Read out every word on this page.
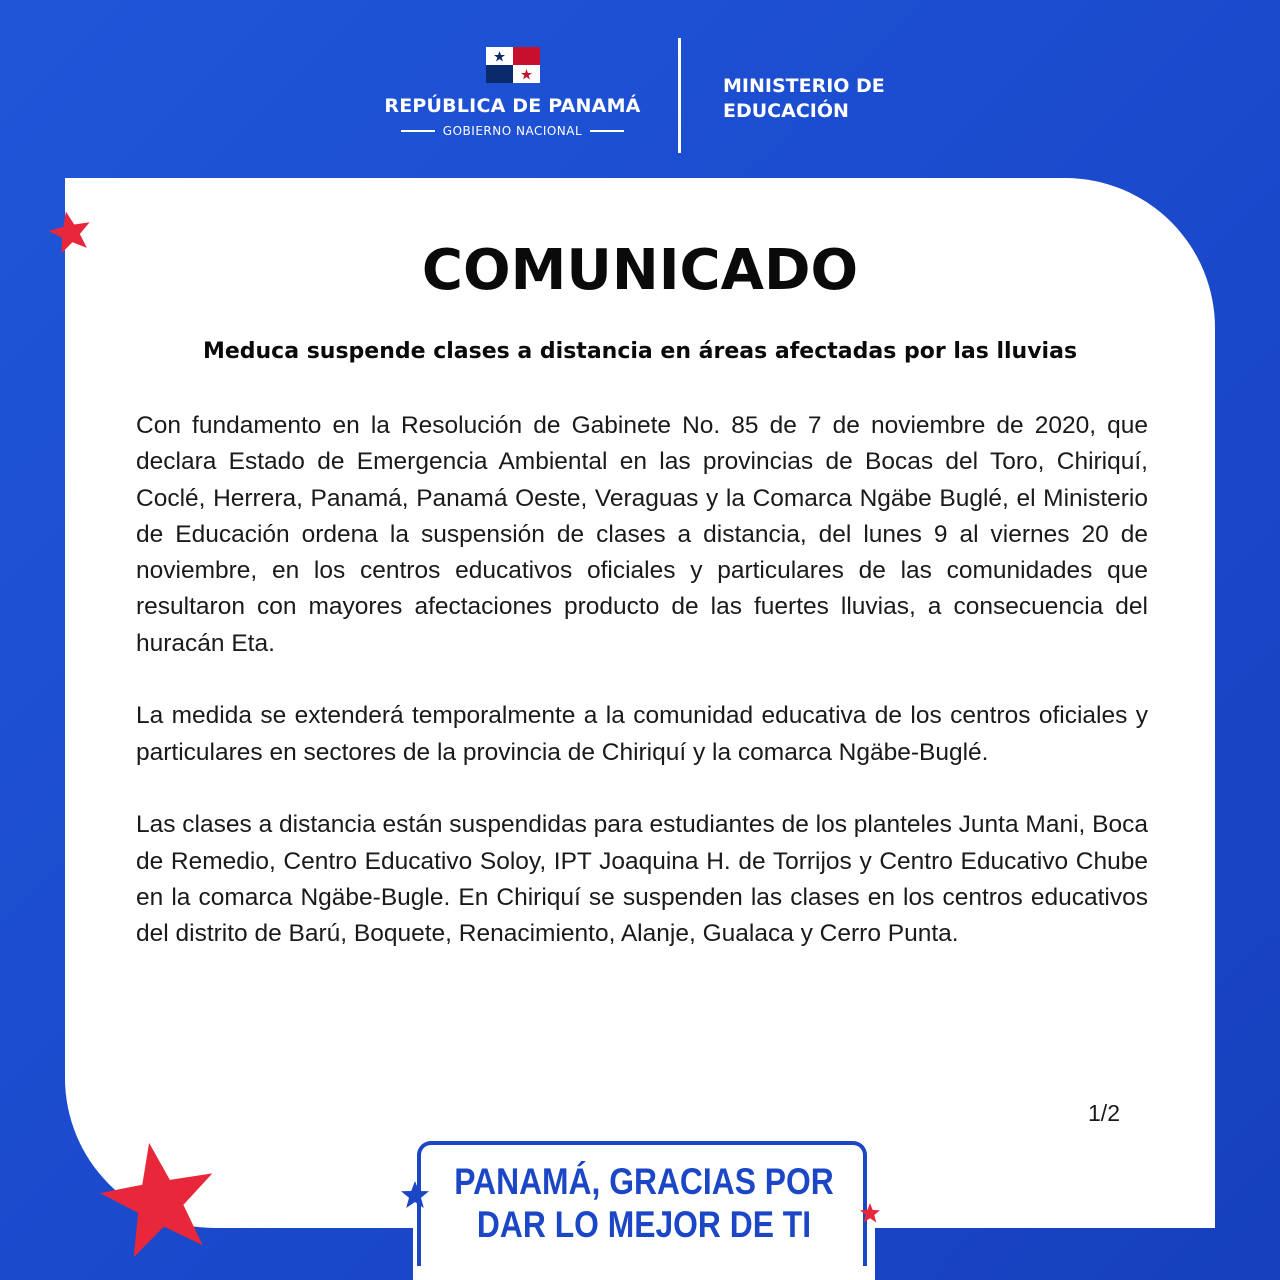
REPÚBLICA DE PANAMÁ
GOBIERNO NACIONAL
MINISTERIO DE
EDUCACIÓN
COMUNICADO
Meduca suspende clases a distancia en áreas afectadas por las lluvias

Con fundamento en la Resolución de Gabinete No. 85 de 7 de noviembre de 2020, que declara Estado de Emergencia Ambiental en las provincias de Bocas del Toro, Chiriquí, Coclé, Herrera, Panamá, Panamá Oeste, Veraguas y la Comarca Ngäbe Buglé, el Ministerio de Educación ordena la suspensión de clases a distancia, del lunes 9 al viernes 20 de noviembre, en los centros educativos oficiales y particulares de las comunidades que resultaron con mayores afectaciones producto de las fuertes lluvias, a consecuencia del huracán Eta.

La medida se extenderá temporalmente a la comunidad educativa de los centros oficiales y particulares en sectores de la provincia de Chiriquí y la comarca Ngäbe-Buglé.

Las clases a distancia están suspendidas para estudiantes de los planteles Junta Mani, Boca de Remedio, Centro Educativo Soloy, IPT Joaquina H. de Torrijos y Centro Educativo Chube en la comarca Ngäbe-Bugle. En Chiriquí se suspenden las clases en los centros educativos del distrito de Barú, Boquete, Renacimiento, Alanje, Gualaca y Cerro Punta.

1/2
PANAMÁ, GRACIAS POR
DAR LO MEJOR DE TI
